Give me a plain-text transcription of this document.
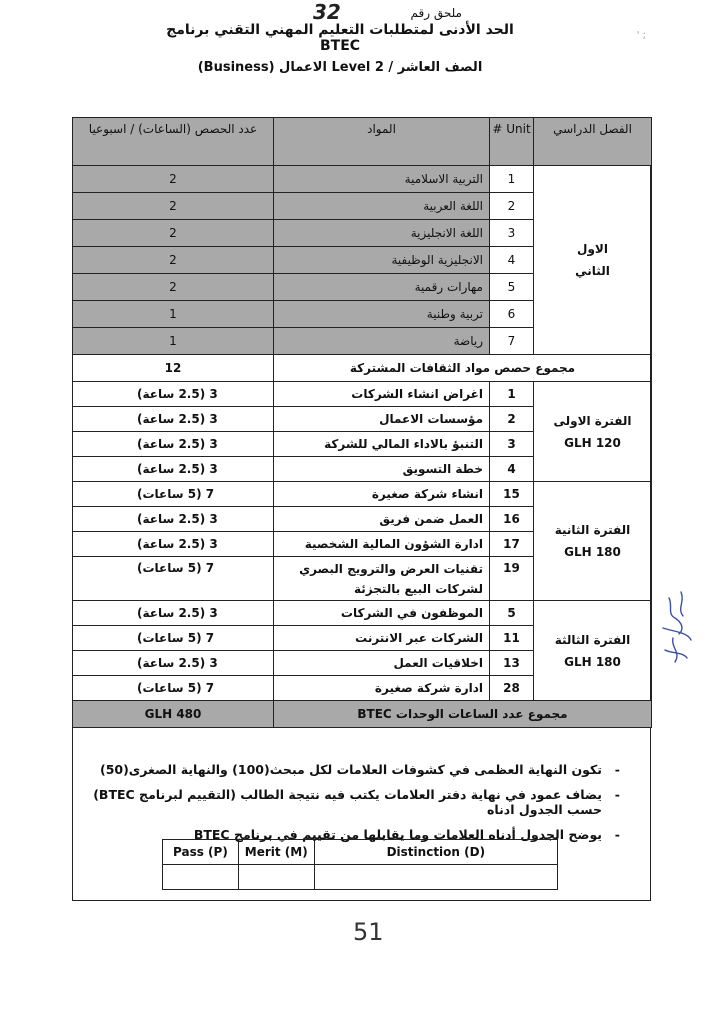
ملحق رقم
32
' ;
الحد الأدنى لمتطلبات التعليم المهني التقني برنامج BTEC
الصف العاشر / Level 2 الاعمال (Business)
الفصل الدراسي	Unit #	المواد	عدد الحصص (الساعات) / اسبوعيا

الاول
الثاني	1	التربية الاسلامية	2
	2	اللغة العربية	2
	3	اللغة الانجليزية	2
	4	الانجليزية الوظيفية	2
	5	مهارات رقمية	2
	6	تربية وطنية	1
	7	رياضة	1
مجموع حصص مواد الثقافات المشتركة			12

الفترة الاولى
120 GLH	1	اغراض انشاء الشركات	3 (2.5 ساعة)
	2	مؤسسات الاعمال	3 (2.5 ساعة)
	3	التنبؤ بالاداء المالي للشركة	3 (2.5 ساعة)
	4	خطة التسويق	3 (2.5 ساعة)

الفترة الثانية
180 GLH	15	انشاء شركة صغيرة	7 (5 ساعات)
	16	العمل ضمن فريق	3 (2.5 ساعة)
	17	ادارة الشؤون المالية الشخصية	3 (2.5 ساعة)
	19	تقنيات العرض والترويج البصري لشركات البيع بالتجزئة	7 (5 ساعات)

الفترة الثالثة
180 GLH	5	الموظفون في الشركات	3 (2.5 ساعة)
	11	الشركات عبر الانترنت	7 (5 ساعات)
	13	اخلاقيات العمل	3 (2.5 ساعة)
	28	ادارة شركة صغيرة	7 (5 ساعات)
مجموع عدد الساعات الوحدات BTEC			480 GLH
-
تكون النهاية العظمى في كشوفات العلامات لكل مبحث(100) والنهاية الصغرى(50)
-
يضاف عمود في نهاية دفتر العلامات يكتب فيه نتيجة الطالب (التقييم لبرنامج BTEC) حسب الجدول ادناه
-
يوضح الجدول أدناه العلامات وما يقابلها من تقييم في برنامج BTEC
Pass (P)	Merit (M)	Distinction (D)

51
